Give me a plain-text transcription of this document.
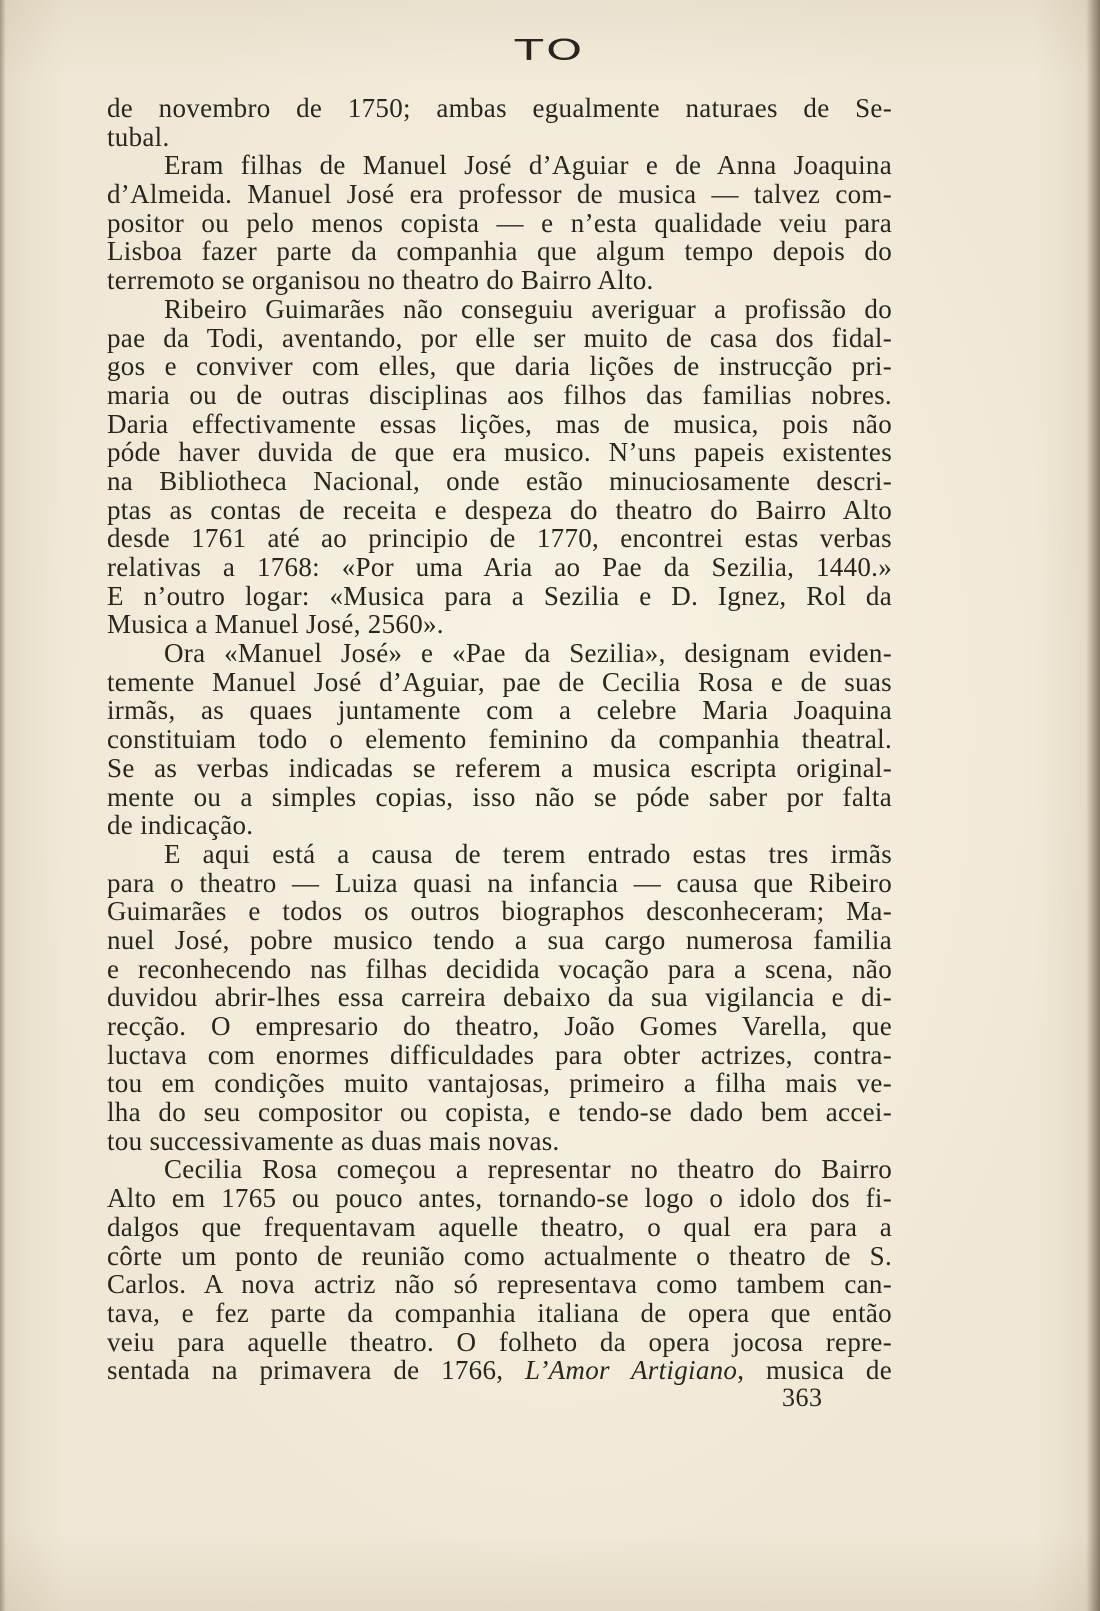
TO
de novembro de 1750; ambas egualmente naturaes de Se-
tubal.
Eram filhas de Manuel José d’Aguiar e de Anna Joaquina
d’Almeida. Manuel José era professor de musica — talvez com-
positor ou pelo menos copista — e n’esta qualidade veiu para
Lisboa fazer parte da companhia que algum tempo depois do
terremoto se organisou no theatro do Bairro Alto.
Ribeiro Guimarães não conseguiu averiguar a profissão do
pae da Todi, aventando, por elle ser muito de casa dos fidal-
gos e conviver com elles, que daria lições de instrucção pri-
maria ou de outras disciplinas aos filhos das familias nobres.
Daria effectivamente essas lições, mas de musica, pois não
póde haver duvida de que era musico. N’uns papeis existentes
na Bibliotheca Nacional, onde estão minuciosamente descri-
ptas as contas de receita e despeza do theatro do Bairro Alto
desde 1761 até ao principio de 1770, encontrei estas verbas
relativas a 1768: «Por uma Aria ao Pae da Sezilia, 1440.»
E n’outro logar: «Musica para a Sezilia e D. Ignez, Rol da
Musica a Manuel José, 2560».
Ora «Manuel José» e «Pae da Sezilia», designam eviden-
temente Manuel José d’Aguiar, pae de Cecilia Rosa e de suas
irmãs, as quaes juntamente com a celebre Maria Joaquina
constituiam todo o elemento feminino da companhia theatral.
Se as verbas indicadas se referem a musica escripta original-
mente ou a simples copias, isso não se póde saber por falta
de indicação.
E aqui está a causa de terem entrado estas tres irmãs
para o theatro — Luiza quasi na infancia — causa que Ribeiro
Guimarães e todos os outros biographos desconheceram; Ma-
nuel José, pobre musico tendo a sua cargo numerosa familia
e reconhecendo nas filhas decidida vocação para a scena, não
duvidou abrir-lhes essa carreira debaixo da sua vigilancia e di-
recção. O empresario do theatro, João Gomes Varella, que
luctava com enormes difficuldades para obter actrizes, contra-
tou em condições muito vantajosas, primeiro a filha mais ve-
lha do seu compositor ou copista, e tendo-se dado bem accei-
tou successivamente as duas mais novas.
Cecilia Rosa começou a representar no theatro do Bairro
Alto em 1765 ou pouco antes, tornando-se logo o idolo dos fi-
dalgos que frequentavam aquelle theatro, o qual era para a
côrte um ponto de reunião como actualmente o theatro de S.
Carlos. A nova actriz não só representava como tambem can-
tava, e fez parte da companhia italiana de opera que então
veiu para aquelle theatro. O folheto da opera jocosa repre-
sentada na primavera de 1766, L’Amor Artigiano, musica de
363
